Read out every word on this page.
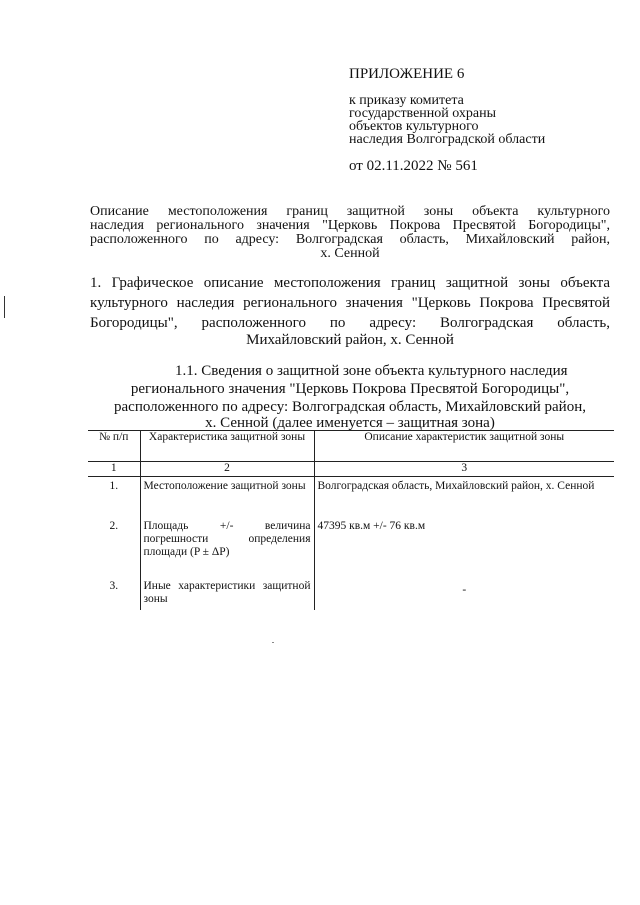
ПРИЛОЖЕНИЕ 6
к приказу комитета
государственной охраны
объектов культурного
наследия Волгоградской области
от 02.11.2022 № 561
Описание местоположения границ защитной зоны объекта культурного
наследия регионального значения "Церковь Покрова Пресвятой Богородицы",
расположенного по адресу: Волгоградская область, Михайловский район,
х. Сенной
1. Графическое описание местоположения границ защитной зоны объекта
культурного наследия регионального значения "Церковь Покрова Пресвятой
Богородицы", расположенного по адресу: Волгоградская область,
Михайловский район, х. Сенной
1.1. Сведения о защитной зоне объекта культурного наследия
регионального значения "Церковь Покрова Пресвятой Богородицы",
расположенного по адресу: Волгоградская область, Михайловский район,
х. Сенной (далее именуется – защитная зона)
№ п/п	Характеристика защитной зоны	Описание характеристик защитной зоны
1	2	3
1.	Местоположение защитной зоны	Волгоградская область, Михайловский район, х. Сенной
2.	Площадь +/- величина погрешности определения площади (P ± ΔP)	47395 кв.м +/- 76 кв.м
3.	Иные характеристики защитной зоны	-
